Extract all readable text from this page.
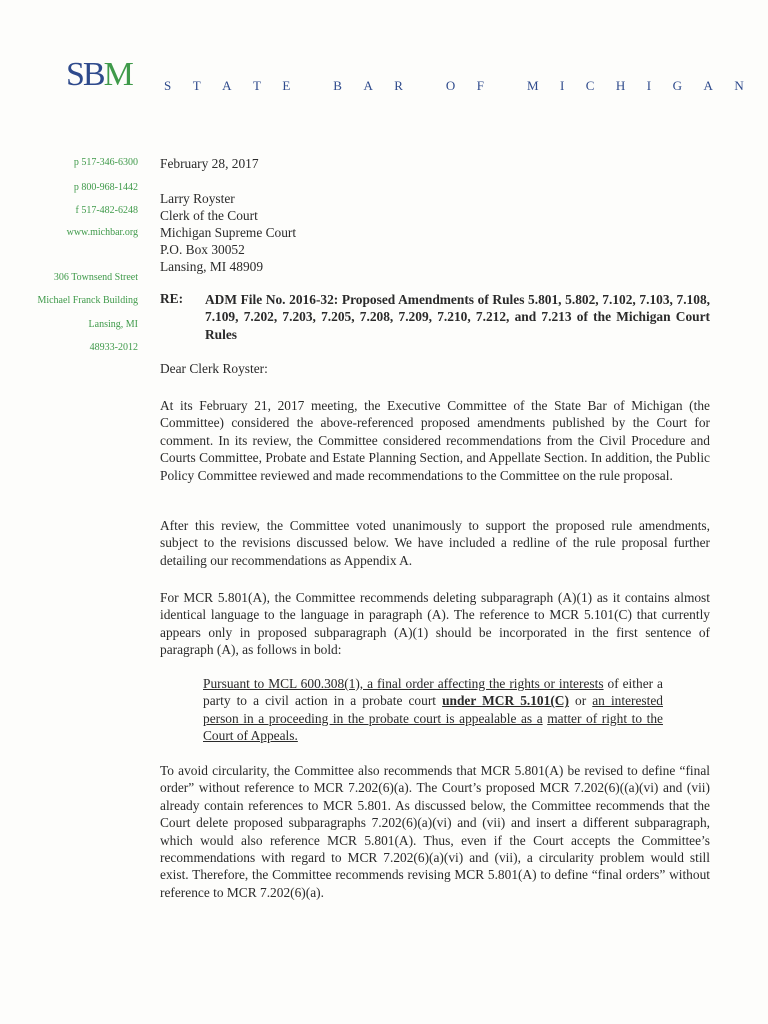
SBM S T A T E	B A R	O F	M I C H I G A N
p 517-346-6300
p 800-968-1442
f 517-482-6248
www.michbar.org
306 Townsend Street
Michael Franck Building
Lansing, MI
48933-2012
February 28, 2017
Larry Royster
Clerk of the Court
Michigan Supreme Court
P.O. Box 30052
Lansing, MI 48909
RE: ADM File No. 2016-32: Proposed Amendments of Rules 5.801, 5.802, 7.102, 7.103, 7.108, 7.109, 7.202, 7.203, 7.205, 7.208, 7.209, 7.210, 7.212, and 7.213 of the Michigan Court Rules
Dear Clerk Royster:
At its February 21, 2017 meeting, the Executive Committee of the State Bar of Michigan (the Committee) considered the above-referenced proposed amendments published by the Court for comment. In its review, the Committee considered recommendations from the Civil Procedure and Courts Committee, Probate and Estate Planning Section, and Appellate Section. In addition, the Public Policy Committee reviewed and made recommendations to the Committee on the rule proposal.
After this review, the Committee voted unanimously to support the proposed rule amendments, subject to the revisions discussed below. We have included a redline of the rule proposal further detailing our recommendations as Appendix A.
For MCR 5.801(A), the Committee recommends deleting subparagraph (A)(1) as it contains almost identical language to the language in paragraph (A). The reference to MCR 5.101(C) that currently appears only in proposed subparagraph (A)(1) should be incorporated in the first sentence of paragraph (A), as follows in bold:
Pursuant to MCL 600.308(1), a final order affecting the rights or interests of either a party to a civil action in a probate court under MCR 5.101(C) or an interested person in a proceeding in the probate court is appealable as a matter of right to the Court of Appeals.
To avoid circularity, the Committee also recommends that MCR 5.801(A) be revised to define “final order” without reference to MCR 7.202(6)(a). The Court’s proposed MCR 7.202(6)((a)(vi) and (vii) already contain references to MCR 5.801. As discussed below, the Committee recommends that the Court delete proposed subparagraphs 7.202(6)(a)(vi) and (vii) and insert a different subparagraph, which would also reference MCR 5.801(A). Thus, even if the Court accepts the Committee’s recommendations with regard to MCR 7.202(6)(a)(vi) and (vii), a circularity problem would still exist. Therefore, the Committee recommends revising MCR 5.801(A) to define “final orders” without reference to MCR 7.202(6)(a).
